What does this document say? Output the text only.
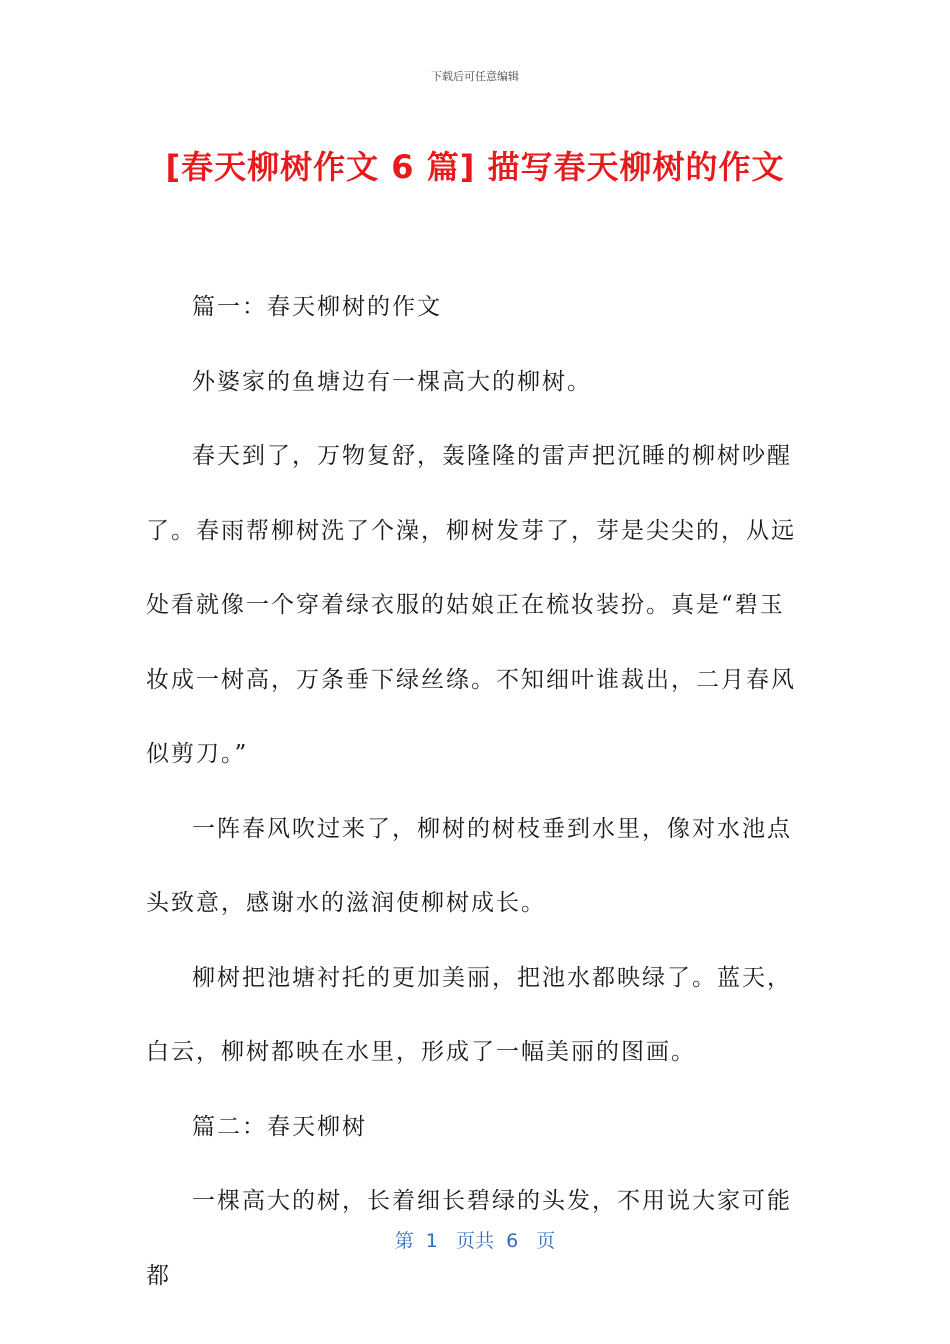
下载后可任意编辑
[春天柳树作文 6 篇] 描写春天柳树的作文

篇一：春天柳树的作文

外婆家的鱼塘边有一棵高大的柳树。

春天到了，万物复舒，轰隆隆的雷声把沉睡的柳树吵醒了。春雨帮柳树洗了个澡，柳树发芽了，芽是尖尖的，从远处看就像一个穿着绿衣服的姑娘正在梳妆装扮。真是“碧玉妆成一树高，万条垂下绿丝绦。不知细叶谁裁出，二月春风似剪刀。”

一阵春风吹过来了，柳树的树枝垂到水里，像对水池点头致意，感谢水的滋润使柳树成长。

柳树把池塘衬托的更加美丽，把池水都映绿了。蓝天，白云，柳树都映在水里，形成了一幅美丽的图画。

篇二：春天柳树

一棵高大的树，长着细长碧绿的头发，不用说大家可能都

第  1   页共  6   页
